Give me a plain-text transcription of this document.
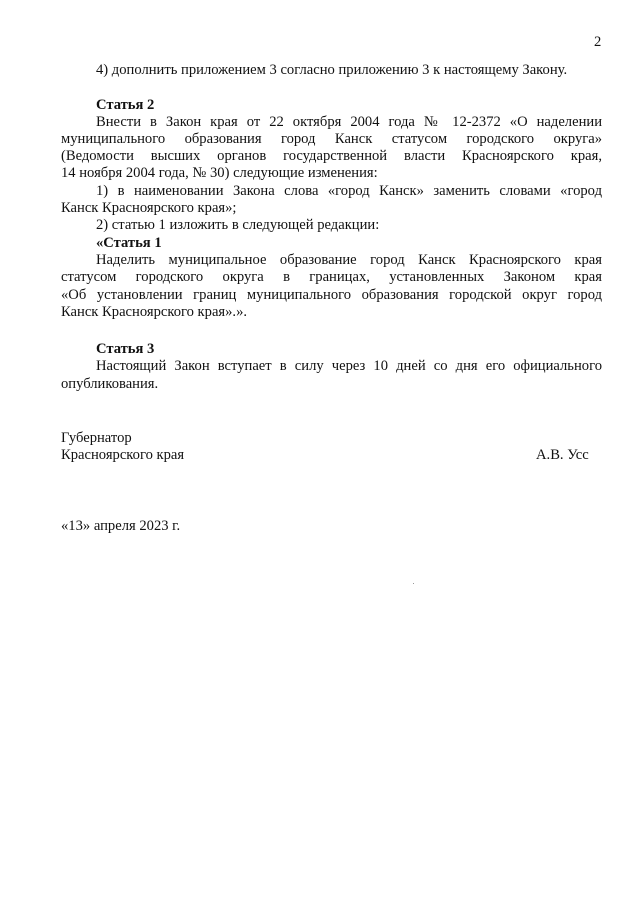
2
4) дополнить приложением 3 согласно приложению 3 к настоящему Закону.
Статья 2
Внести в Закон края от 22 октября 2004 года № 12-2372 «О наделении
муниципального образования город Канск статусом городского округа»
(Ведомости высших органов государственной власти Красноярского края,
14 ноября 2004 года, № 30) следующие изменения:
1) в наименовании Закона слова «город Канск» заменить словами «город
Канск Красноярского края»;
2) статью 1 изложить в следующей редакции:
«Статья 1
Наделить муниципальное образование город Канск Красноярского края
статусом городского округа в границах, установленных Законом края
«Об установлении границ муниципального образования городской округ город
Канск Красноярского края».».
Статья 3
Настоящий Закон вступает в силу через 10 дней со дня его официального
опубликования.
Губернатор
Красноярского края	А.В. Усс
«13» апреля 2023 г.
